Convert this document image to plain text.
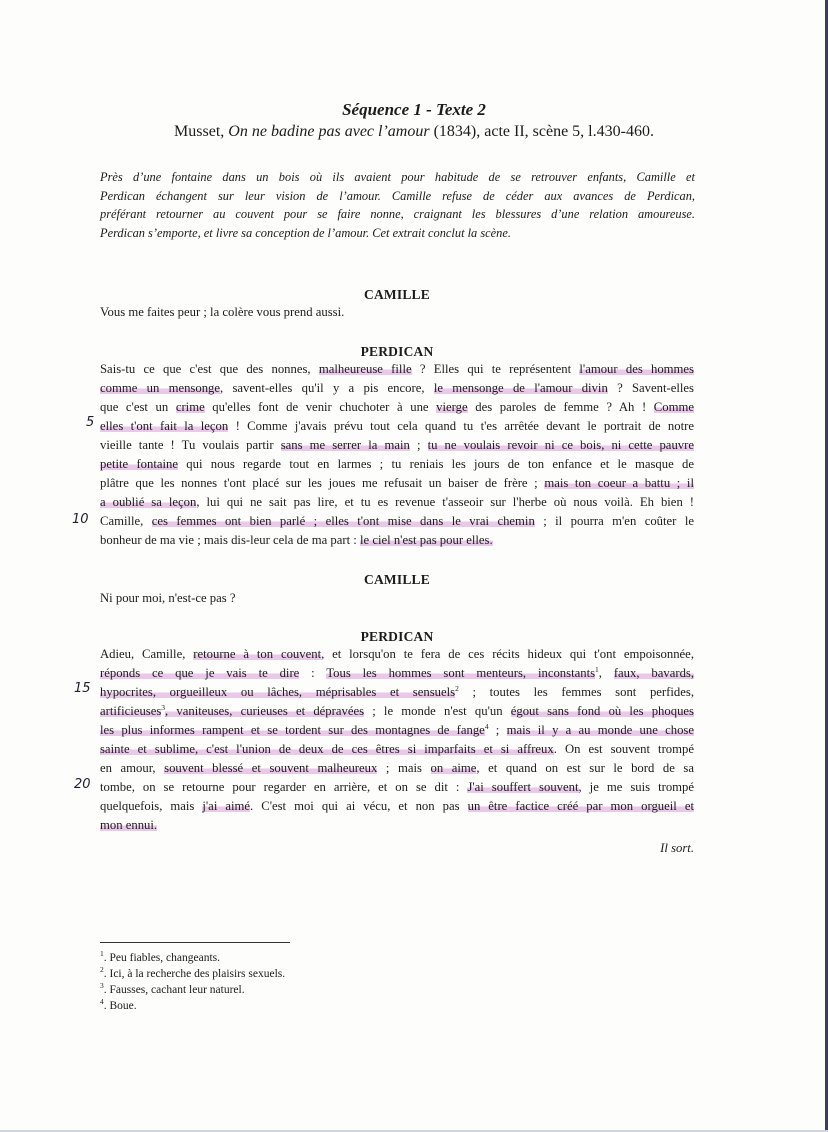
Séquence 1 - Texte 2
Musset, On ne badine pas avec l’amour (1834), acte II, scène 5, l.430-460.
Près d’une fontaine dans un bois où ils avaient pour habitude de se retrouver enfants, Camille et
Perdican échangent sur leur vision de l’amour. Camille refuse de céder aux avances de Perdican,
préférant retourner au couvent pour se faire nonne, craignant les blessures d’une relation amoureuse.
Perdican s’emporte, et livre sa conception de l’amour. Cet extrait conclut la scène.
CAMILLE
Vous me faites peur ; la colère vous prend aussi.
PERDICAN
Sais-tu ce que c'est que des nonnes, malheureuse fille ? Elles qui te représentent l'amour des hommes
comme un mensonge, savent-elles qu'il y a pis encore, le mensonge de l'amour divin ? Savent-elles
que c'est un crime qu'elles font de venir chuchoter à une vierge des paroles de femme ? Ah ! Comme
elles t'ont fait la leçon ! Comme j'avais prévu tout cela quand tu t'es arrêtée devant le portrait de notre
vieille tante ! Tu voulais partir sans me serrer la main ; tu ne voulais revoir ni ce bois, ni cette pauvre
petite fontaine qui nous regarde tout en larmes ; tu reniais les jours de ton enfance et le masque de
plâtre que les nonnes t'ont placé sur les joues me refusait un baiser de frère ; mais ton coeur a battu ; il
a oublié sa leçon, lui qui ne sait pas lire, et tu es revenue t'asseoir sur l'herbe où nous voilà. Eh bien !
Camille, ces femmes ont bien parlé ; elles t'ont mise dans le vrai chemin ; il pourra m'en coûter le
bonheur de ma vie ; mais dis-leur cela de ma part : le ciel n'est pas pour elles.
CAMILLE
Ni pour moi, n'est-ce pas ?
PERDICAN
Adieu, Camille, retourne à ton couvent, et lorsqu'on te fera de ces récits hideux qui t'ont empoisonnée,
réponds ce que je vais te dire : Tous les hommes sont menteurs, inconstants$^1$, faux, bavards,
hypocrites, orgueilleux ou lâches, méprisables et sensuels$^2$ ; toutes les femmes sont perfides,
artificieuses$^3$, vaniteuses, curieuses et dépravées ; le monde n'est qu'un égout sans fond où les phoques
les plus informes rampent et se tordent sur des montagnes de fange$^4$ ; mais il y a au monde une chose
sainte et sublime, c'est l'union de deux de ces êtres si imparfaits et si affreux. On est souvent trompé
en amour, souvent blessé et souvent malheureux ; mais on aime, et quand on est sur le bord de sa
tombe, on se retourne pour regarder en arrière, et on se dit : J'ai souffert souvent, je me suis trompé
quelquefois, mais j'ai aimé. C'est moi qui ai vécu, et non pas un être factice créé par mon orgueil et
mon ennui.
5
10
15
20
Il sort.
$^1$. Peu fiables, changeants.
$^2$. Ici, à la recherche des plaisirs sexuels.
$^3$. Fausses, cachant leur naturel.
$^4$. Boue.
